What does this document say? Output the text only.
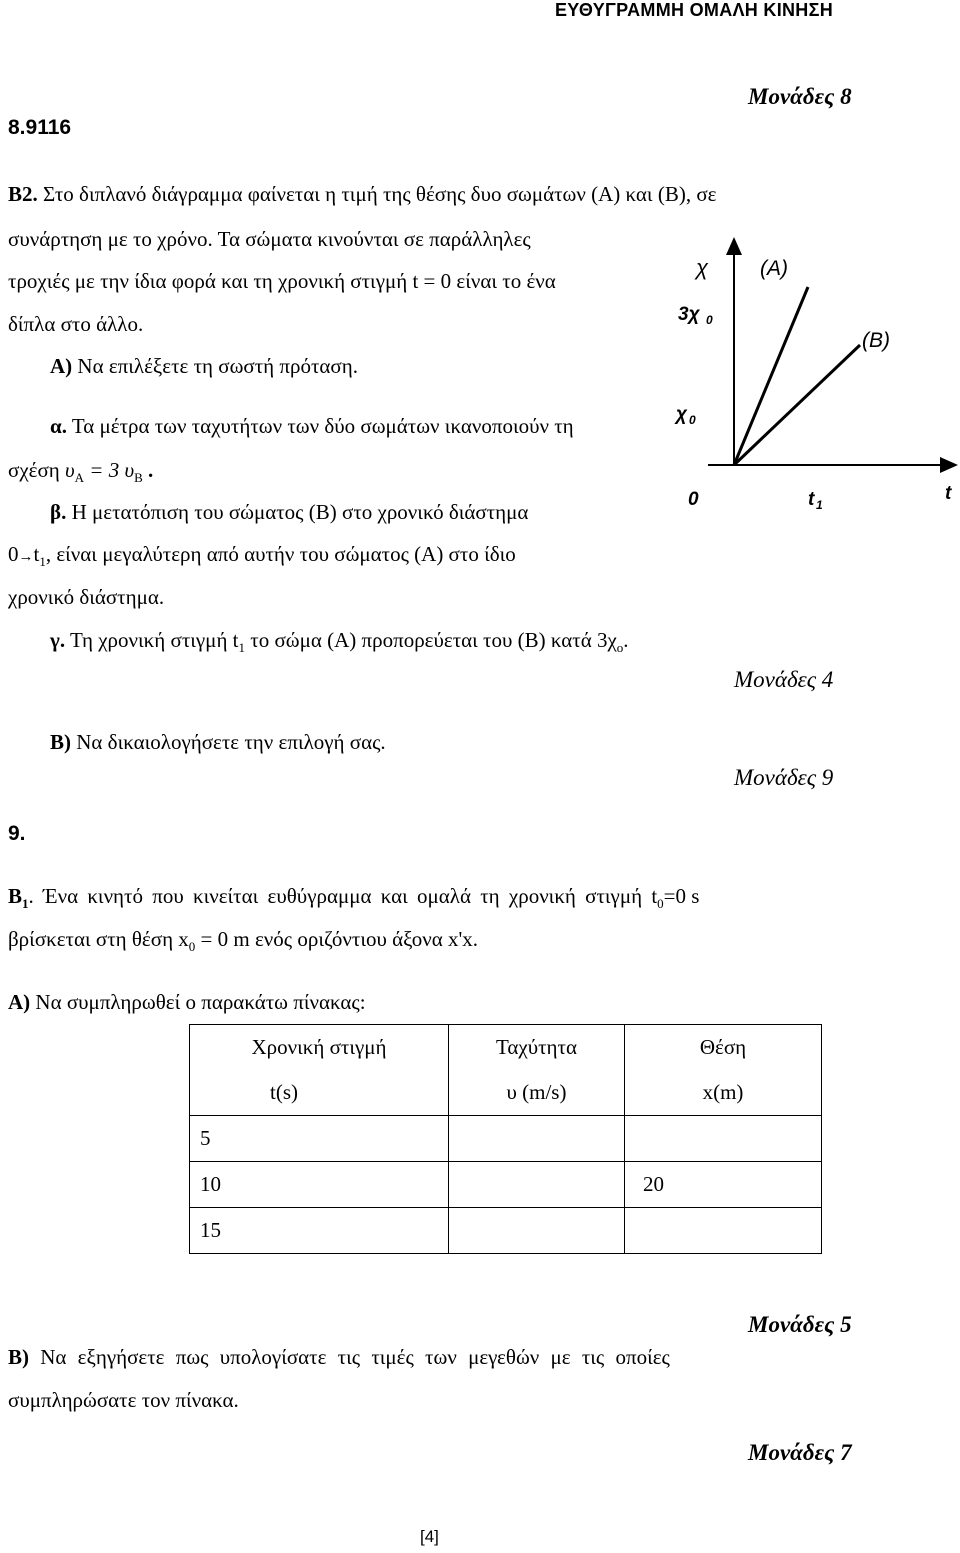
ΕΥΘΥΓΡΑΜΜΗ ΟΜΑΛΗ ΚΙΝΗΣΗ
Μονάδες 8
8.9116
Β2. Στο διπλανό διάγραμμα φαίνεται η τιμή της θέσης δυο σωμάτων (Α) και (Β), σε
συνάρτηση με το χρόνο. Τα σώματα κινούνται σε παράλληλες
τροχιές με την ίδια φορά και τη χρονική στιγμή t = 0 είναι το ένα
δίπλα στο άλλο.
Α) Να επιλέξετε τη σωστή πρόταση.
α. Τα μέτρα των ταχυτήτων των δύο σωμάτων ικανοποιούν τη
σχέση $\upsilon_A = 3$ $\upsilon_B$ .
β. Η μετατόπιση του σώματος (Β) στο χρονικό διάστημα
$0\to t_1$, είναι μεγαλύτερη από αυτήν του σώματος (Α) στο ίδιο
χρονικό διάστημα.
γ. Τη χρονική στιγμή $t_1$ το σώμα (Α) προπορεύεται του (Β) κατά $3\chi_o$.
Μονάδες 4
Β) Να δικαιολογήσετε την επιλογή σας.
Μονάδες 9
χ (A)
3χ 0
(B)
χ 0
0	t 1
t
9.
$B_1$. Ένα κινητό που κινείται ευθύγραμμα και ομαλά τη χρονική στιγμή $t_0=0$ s
βρίσκεται στη θέση $x_0 = 0$ m ενός οριζόντιου άξονα x'x.
Α) Να συμπληρωθεί ο παρακάτω πίνακας:
Χρονική στιγμή	Ταχύτητα	Θέση
t(s)	υ (m/s)	x(m)
5		
10		20
15		
Μονάδες 5
Β) Να εξηγήσετε πως υπολογίσατε τις τιμές των μεγεθών με τις οποίες
συμπληρώσατε τον πίνακα.
Μονάδες 7
[4]
